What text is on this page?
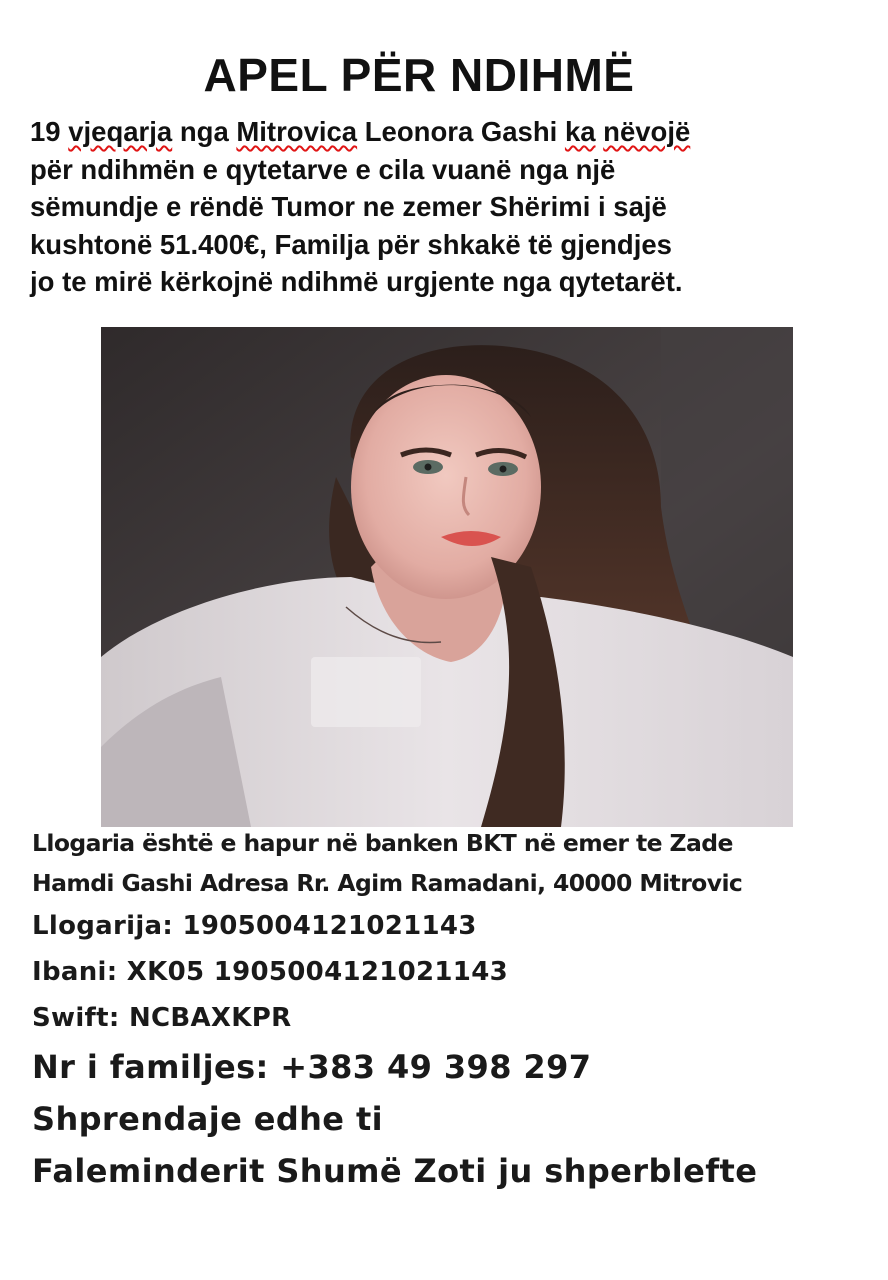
APEL PËR NDIHMË
19 vjeqarja nga Mitrovica Leonora Gashi ka nëvojë
për ndihmën e qytetarve e cila vuanë nga një
sëmundje e rëndë Tumor ne zemer Shërimi i sajë
kushtonë 51.400€, Familja për shkakë të gjendjes
jo te mirë kërkojnë ndihmë urgjente nga qytetarët.

Llogaria është e hapur në banken BKT në emer te Zade

Hamdi Gashi Adresa Rr. Agim Ramadani, 40000 Mitrovic

Llogarija: 1905004121021143

Ibani: XK05 1905004121021143

Swift: NCBAXKPR

Nr i familjes: +383 49 398 297

Shprendaje edhe ti

Faleminderit Shumë Zoti ju shperblefte
